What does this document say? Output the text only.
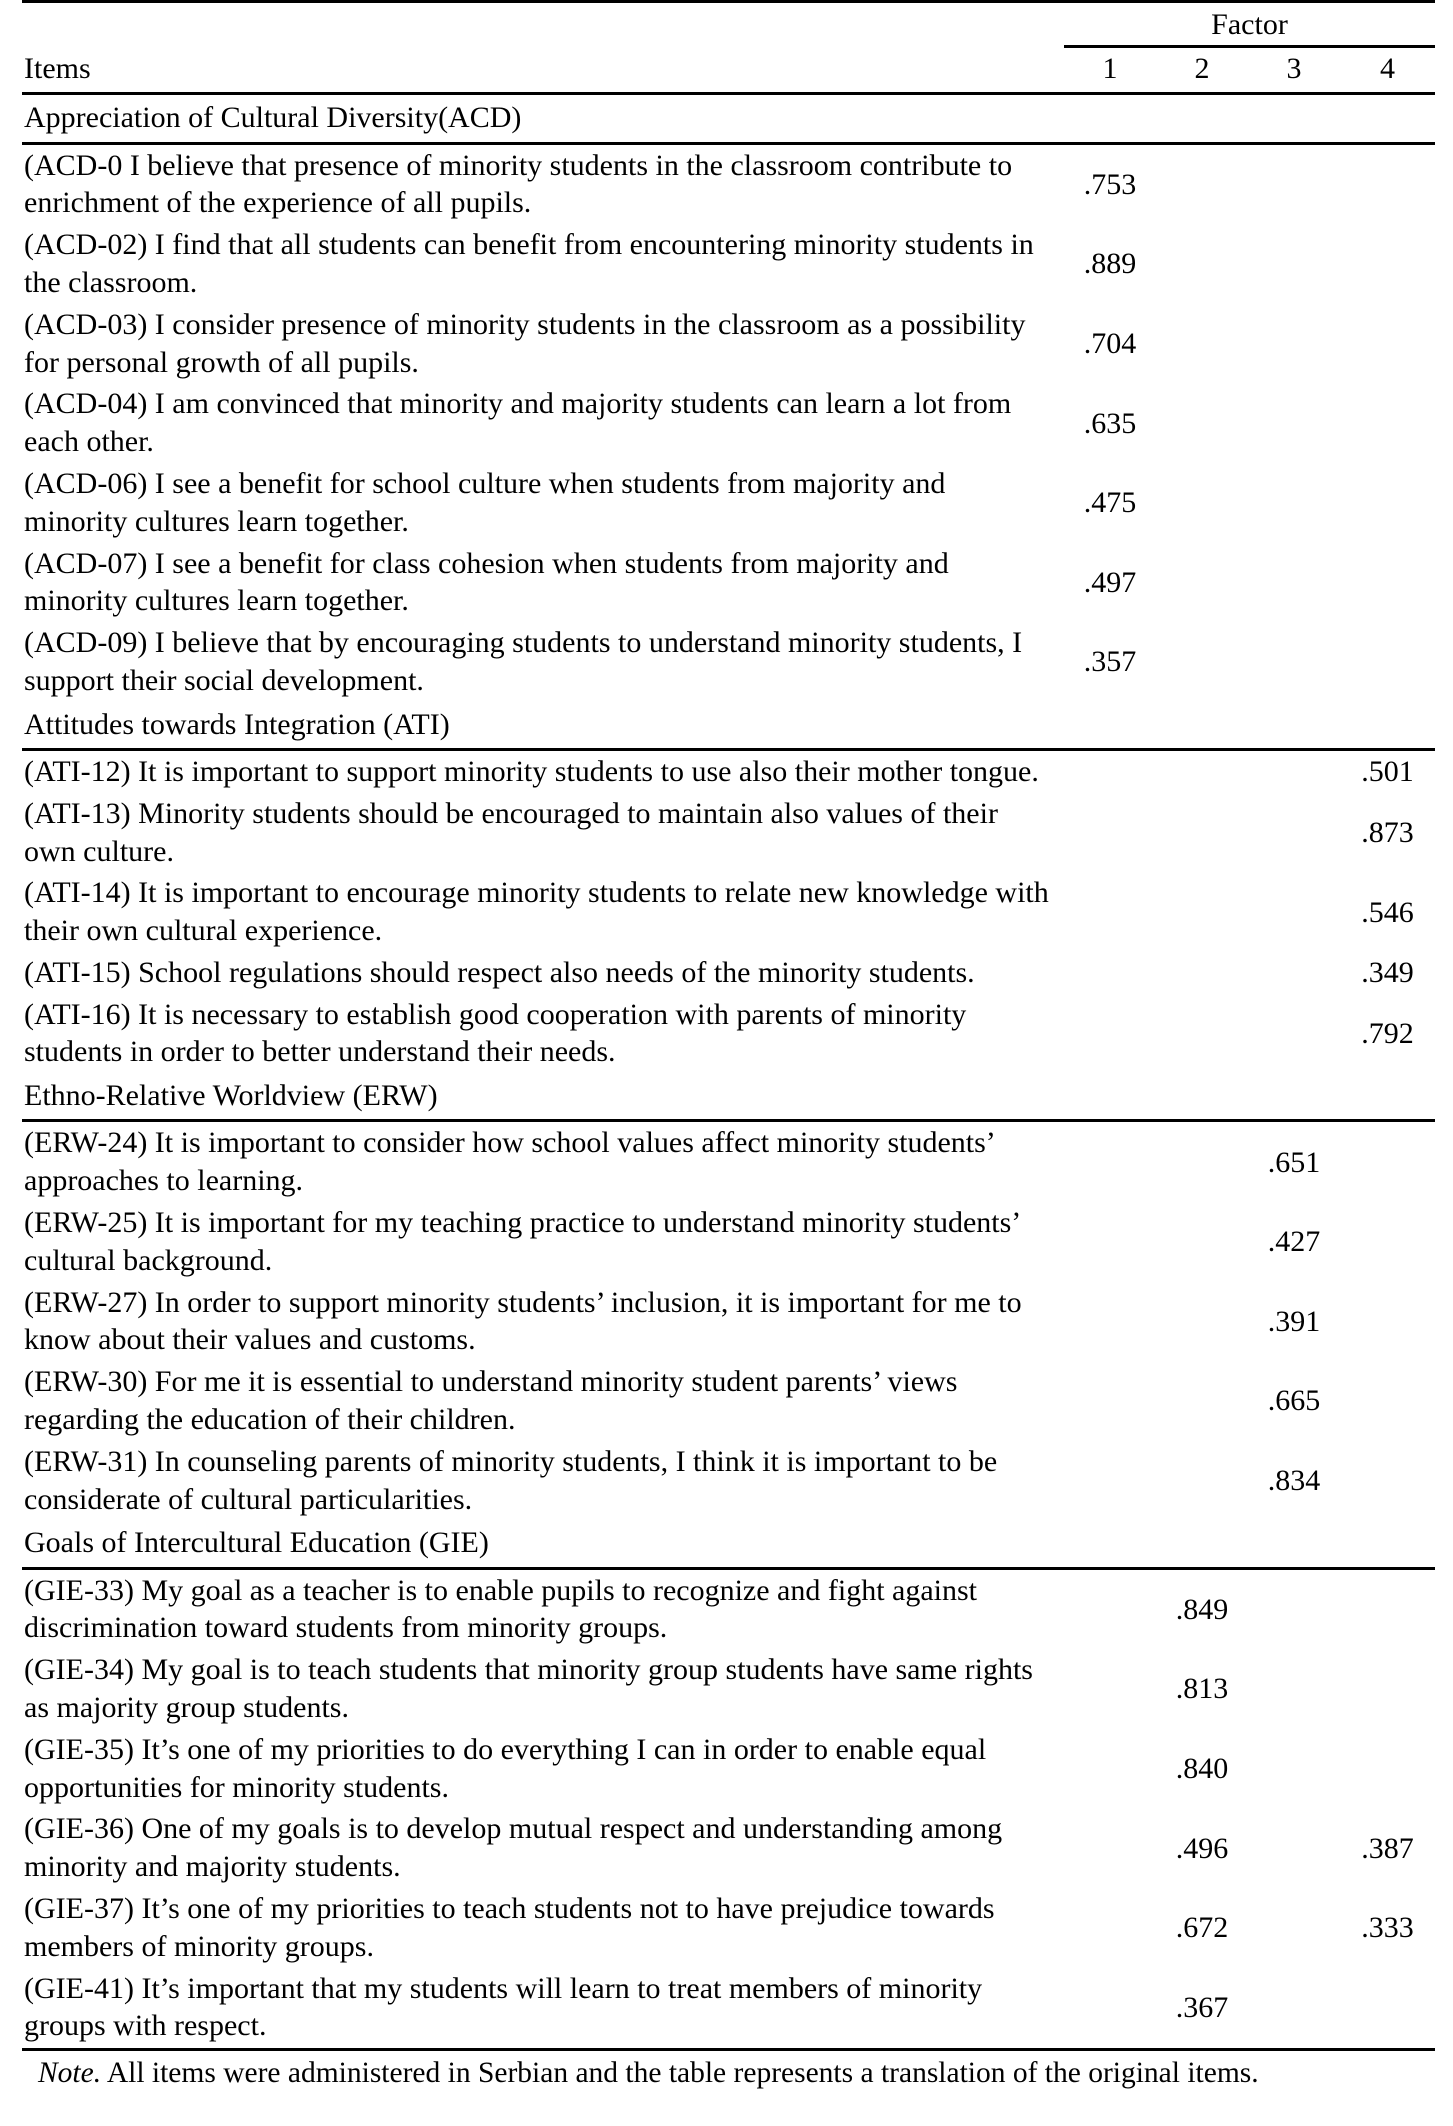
	Factor			
Items	1	2	3	4
Appreciation of Cultural Diversity(ACD)				
(ACD-0 I believe that presence of minority students in the classroom contribute to enrichment of the experience of all pupils.	.753			
(ACD-02) I find that all students can benefit from encountering minority students in the classroom.	.889			
(ACD-03) I consider presence of minority students in the classroom as a possibility for personal growth of all pupils.	.704			
(ACD-04) I am convinced that minority and majority students can learn a lot from each other.	.635			
(ACD-06) I see a benefit for school culture when students from majority and minority cultures learn together.	.475			
(ACD-07) I see a benefit for class cohesion when students from majority and minority cultures learn together.	.497			
(ACD-09) I believe that by encouraging students to understand minority students, I support their social development.	.357			
Attitudes towards Integration (ATI)				
(ATI-12) It is important to support minority students to use also their mother tongue.				.501
(ATI-13) Minority students should be encouraged to maintain also values of their own culture.				.873
(ATI-14) It is important to encourage minority students to relate new knowledge with their own cultural experience.				.546
(ATI-15) School regulations should respect also needs of the minority students.				.349
(ATI-16) It is necessary to establish good cooperation with parents of minority students in order to better understand their needs.				.792
Ethno-Relative Worldview (ERW)				
(ERW-24) It is important to consider how school values affect minority students’ approaches to learning.			.651	
(ERW-25) It is important for my teaching practice to understand minority students’ cultural background.			.427	
(ERW-27) In order to support minority students’ inclusion, it is important for me to know about their values and customs.			.391	
(ERW-30) For me it is essential to understand minority student parents’ views regarding the education of their children.			.665	
(ERW-31) In counseling parents of minority students, I think it is important to be considerate of cultural particularities.			.834	
Goals of Intercultural Education (GIE)				
(GIE-33) My goal as a teacher is to enable pupils to recognize and fight against discrimination toward students from minority groups.		.849		
(GIE-34) My goal is to teach students that minority group students have same rights as majority group students.		.813		
(GIE-35) It’s one of my priorities to do everything I can in order to enable equal opportunities for minority students.		.840		
(GIE-36) One of my goals is to develop mutual respect and understanding among minority and majority students.		.496		.387
(GIE-37) It’s one of my priorities to teach students not to have prejudice towards members of minority groups.		.672		.333
(GIE-41) It’s important that my students will learn to treat members of minority groups with respect.		.367		

Note. All items were administered in Serbian and the table represents a translation of the original items.
